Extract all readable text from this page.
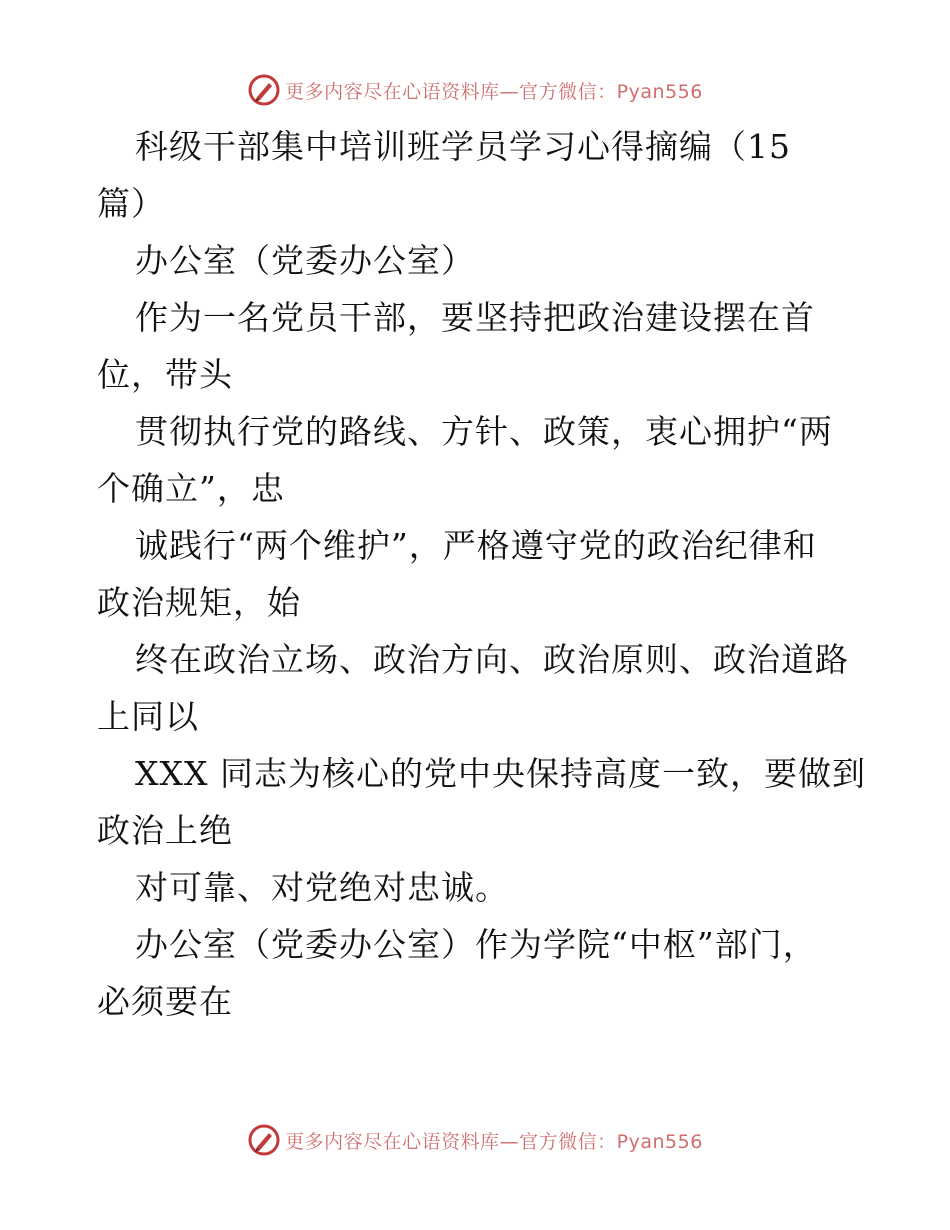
更多内容尽在心语资料库—官方微信：Pyan556

科级干部集中培训班学员学习心得摘编（15
篇）

办公室（党委办公室）

作为一名党员干部，要坚持把政治建设摆在首
位，带头

贯彻执行党的路线、方针、政策，衷心拥护“两
个确立”，忠

诚践行“两个维护”，严格遵守党的政治纪律和
政治规矩，始

终在政治立场、政治方向、政治原则、政治道路
上同以

XXX 同志为核心的党中央保持高度一致，要做到
政治上绝

对可靠、对党绝对忠诚。

办公室（党委办公室）作为学院“中枢”部门，
必须要在

更多内容尽在心语资料库—官方微信：Pyan556
